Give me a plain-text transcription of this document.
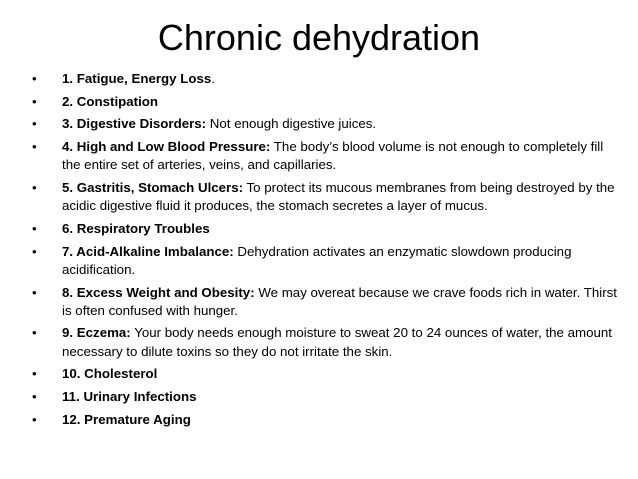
Chronic dehydration
•	1. Fatigue, Energy Loss.
•	2. Constipation
•	3. Digestive Disorders: Not enough digestive juices.
•	4. High and Low Blood Pressure: The body’s blood volume is not enough to completely fill the entire set of arteries, veins, and capillaries.
•	5. Gastritis, Stomach Ulcers: To protect its mucous membranes from being destroyed by the acidic digestive fluid it produces, the stomach secretes a layer of mucus.
•	6. Respiratory Troubles
•	7. Acid-Alkaline Imbalance: Dehydration activates an enzymatic slowdown producing acidification.
•	8. Excess Weight and Obesity: We may overeat because we crave foods rich in water. Thirst is often confused with hunger.
•	9. Eczema: Your body needs enough moisture to sweat 20 to 24 ounces of water, the amount necessary to dilute toxins so they do not irritate the skin.
•	10. Cholesterol
•	11. Urinary Infections
•	12. Premature Aging
